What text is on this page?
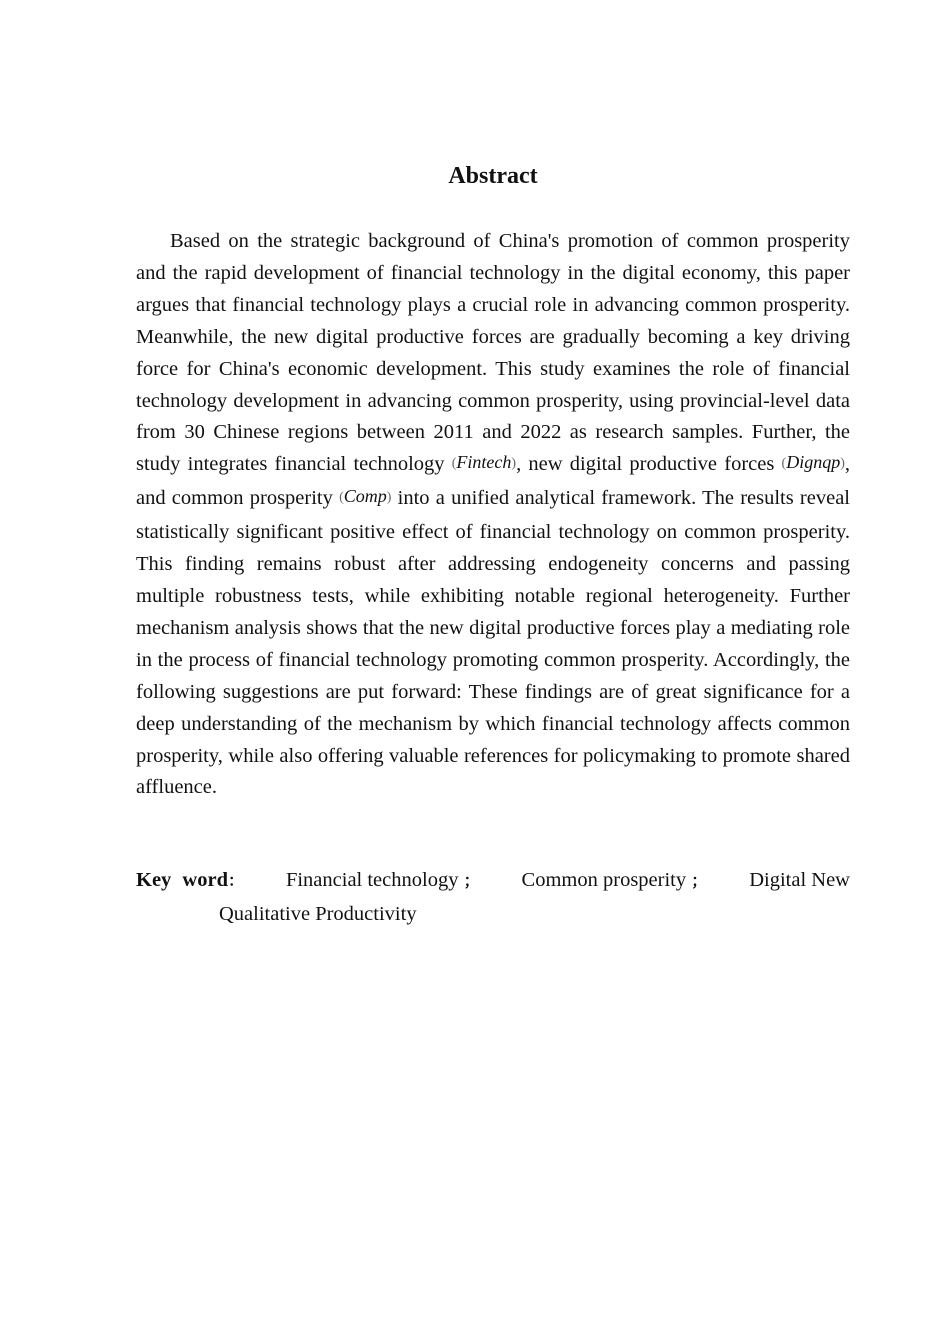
Abstract

Based on the strategic background of China's promotion of common prosperity and the rapid development of financial technology in the digital economy, this paper argues that financial technology plays a crucial role in advancing common prosperity. Meanwhile, the new digital productive forces are gradually becoming a key driving force for China's economic development. This study examines the role of financial technology development in advancing common prosperity, using provincial-level data from 30 Chinese regions between 2011 and 2022 as research samples. Further, the study integrates financial technology (Fintech), new digital productive forces (Dignqp), and common prosperity (Comp) into a unified analytical framework. The results reveal statistically significant positive effect of financial technology on common prosperity. This finding remains robust after addressing endogeneity concerns and passing multiple robustness tests, while exhibiting notable regional heterogeneity. Further mechanism analysis shows that the new digital productive forces play a mediating role in the process of financial technology promoting common prosperity. Accordingly, the following suggestions are put forward: These findings are of great significance for a deep understanding of the mechanism by which financial technology affects common prosperity, while also offering valuable references for policymaking to promote shared affluence.

Key word： Financial technology ； Common prosperity ； Digital New
Qualitative Productivity
